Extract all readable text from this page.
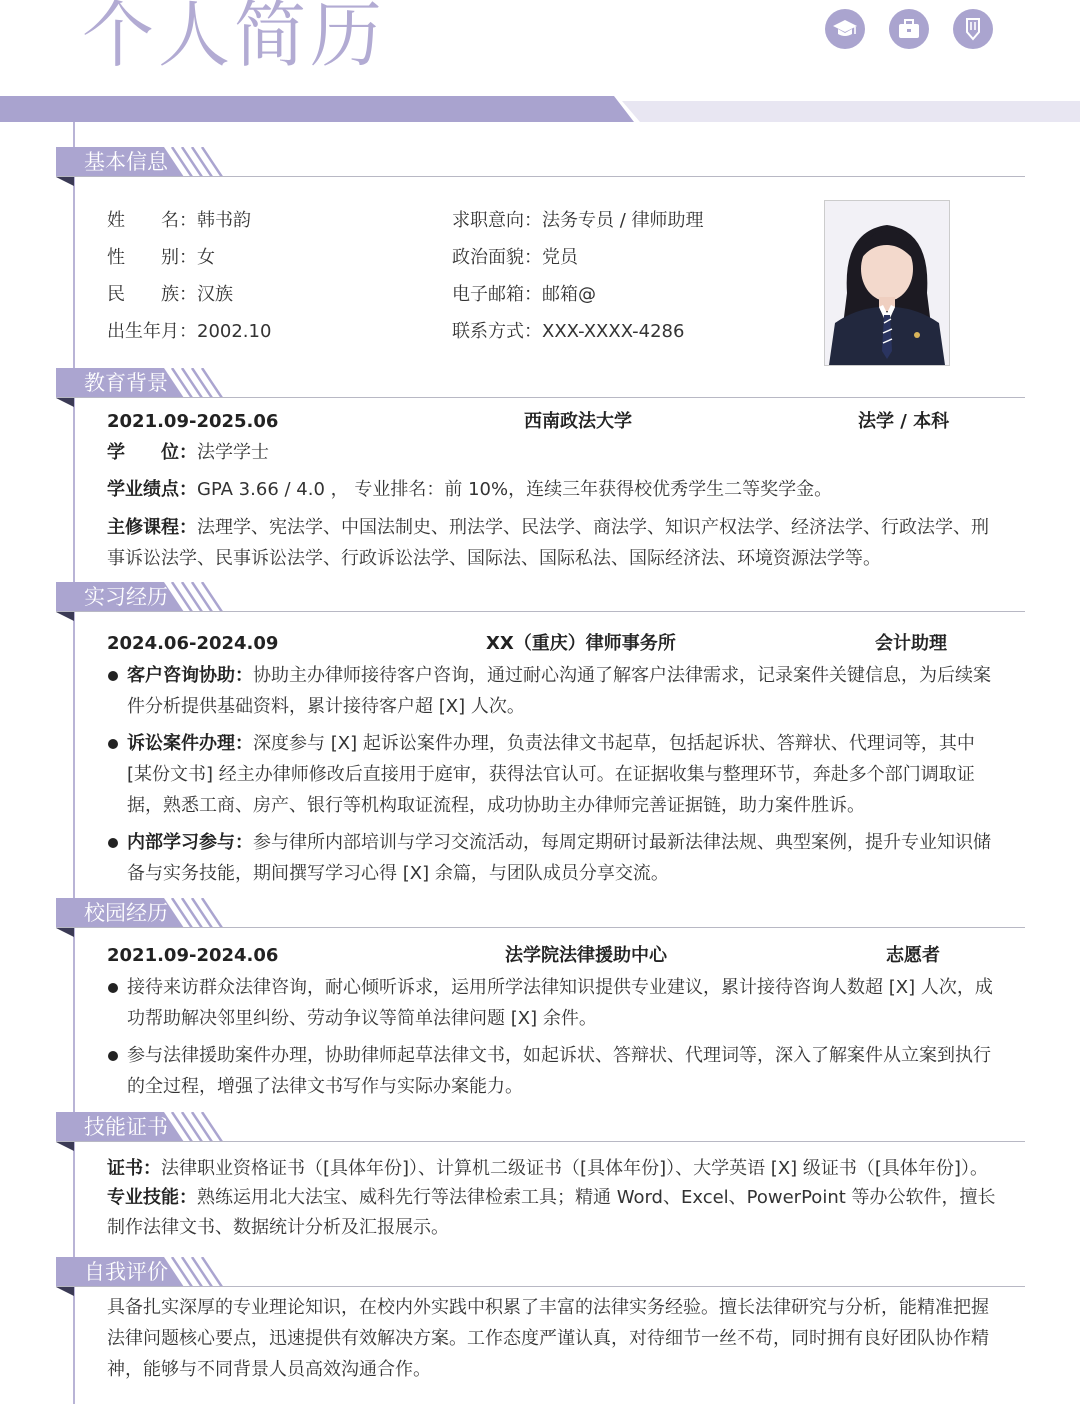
个人简历
基本信息
姓　　名：韩书韵
性　　别：女
民　　族：汉族
出生年月：2002.10
求职意向：法务专员 / 律师助理
政治面貌：党员
电子邮箱：邮箱@
联系方式：XXX-XXXX-4286
教育背景
2021.09-2025.06	西南政法大学	法学 / 本科
学　　位：法学学士
学业绩点：GPA 3.66 / 4.0 ， 专业排名：前 10%，连续三年获得校优秀学生二等奖学金。
主修课程：法理学、宪法学、中国法制史、刑法学、民法学、商法学、知识产权法学、经济法学、行政法学、刑事诉讼法学、民事诉讼法学、行政诉讼法学、国际法、国际私法、国际经济法、环境资源法学等。
实习经历
2024.06-2024.09	XX（重庆）律师事务所	会计助理
客户咨询协助：协助主办律师接待客户咨询，通过耐心沟通了解客户法律需求，记录案件关键信息，为后续案件分析提供基础资料，累计接待客户超 [X] 人次。
诉讼案件办理：深度参与 [X] 起诉讼案件办理，负责法律文书起草，包括起诉状、答辩状、代理词等，其中 [某份文书] 经主办律师修改后直接用于庭审，获得法官认可。在证据收集与整理环节，奔赴多个部门调取证据，熟悉工商、房产、银行等机构取证流程，成功协助主办律师完善证据链，助力案件胜诉。
内部学习参与：参与律所内部培训与学习交流活动，每周定期研讨最新法律法规、典型案例，提升专业知识储备与实务技能，期间撰写学习心得 [X] 余篇，与团队成员分享交流。
校园经历
2021.09-2024.06	法学院法律援助中心	志愿者
接待来访群众法律咨询，耐心倾听诉求，运用所学法律知识提供专业建议，累计接待咨询人数超 [X] 人次，成功帮助解决邻里纠纷、劳动争议等简单法律问题 [X] 余件。
参与法律援助案件办理，协助律师起草法律文书，如起诉状、答辩状、代理词等，深入了解案件从立案到执行的全过程，增强了法律文书写作与实际办案能力。
技能证书
证书：法律职业资格证书（[具体年份]）、计算机二级证书（[具体年份]）、大学英语 [X] 级证书（[具体年份]）。
专业技能：熟练运用北大法宝、威科先行等法律检索工具；精通 Word、Excel、PowerPoint 等办公软件，擅长制作法律文书、数据统计分析及汇报展示。
自我评价
具备扎实深厚的专业理论知识，在校内外实践中积累了丰富的法律实务经验。擅长法律研究与分析，能精准把握法律问题核心要点，迅速提供有效解决方案。工作态度严谨认真，对待细节一丝不苟，同时拥有良好团队协作精神，能够与不同背景人员高效沟通合作。
